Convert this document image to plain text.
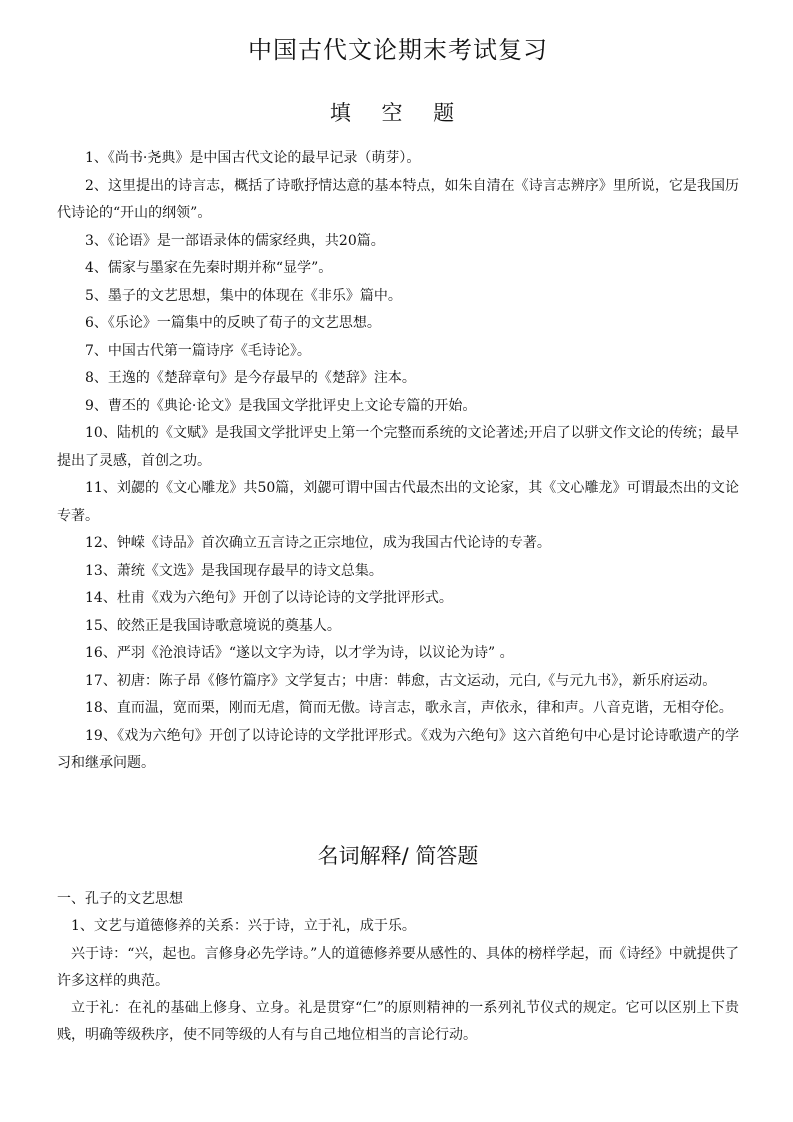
中国古代文论期末考试复习
填 空 题

1、《尚书·尧典》是中国古代文论的最早记录（萌芽）。

2、这里提出的诗言志，概括了诗歌抒情达意的基本特点，如朱自清在《诗言志辨序》里所说，它是我国历代诗论的“开山的纲领”。

3、《论语》是一部语录体的儒家经典，共20篇。

4、儒家与墨家在先秦时期并称“显学”。

5、墨子的文艺思想，集中的体现在《非乐》篇中。

6、《乐论》一篇集中的反映了荀子的文艺思想。

7、中国古代第一篇诗序《毛诗论》。

8、王逸的《楚辞章句》是今存最早的《楚辞》注本。

9、曹丕的《典论·论文》是我国文学批评史上文论专篇的开始。

10、陆机的《文赋》是我国文学批评史上第一个完整而系统的文论著述;开启了以骈文作文论的传统；最早提出了灵感，首创之功。

11、刘勰的《文心雕龙》共50篇，刘勰可谓中国古代最杰出的文论家，其《文心雕龙》可谓最杰出的文论专著。

12、钟嵘《诗品》首次确立五言诗之正宗地位，成为我国古代论诗的专著。

13、萧统《文选》是我国现存最早的诗文总集。

14、杜甫《戏为六绝句》开创了以诗论诗的文学批评形式。

15、皎然正是我国诗歌意境说的奠基人。

16、严羽《沧浪诗话》“遂以文字为诗，以才学为诗，以议论为诗” 。

17、初唐：陈子昂《修竹篇序》文学复古；中唐：韩愈，古文运动，元白,《与元九书》，新乐府运动。

18、直而温，宽而栗，刚而无虐，简而无傲。诗言志，歌永言，声依永，律和声。八音克谐，无相夺伦。

19、《戏为六绝句》开创了以诗论诗的文学批评形式。《戏为六绝句》这六首绝句中心是讨论诗歌遗产的学习和继承问题。

名词解释/ 简答题

一、孔子的文艺思想

1、文艺与道德修养的关系：兴于诗，立于礼，成于乐。

兴于诗：“兴，起也。言修身必先学诗。”人的道德修养要从感性的、具体的榜样学起，而《诗经》中就提供了许多这样的典范。

立于礼：在礼的基础上修身、立身。礼是贯穿“仁”的原则精神的一系列礼节仪式的规定。它可以区别上下贵贱，明确等级秩序，使不同等级的人有与自己地位相当的言论行动。
